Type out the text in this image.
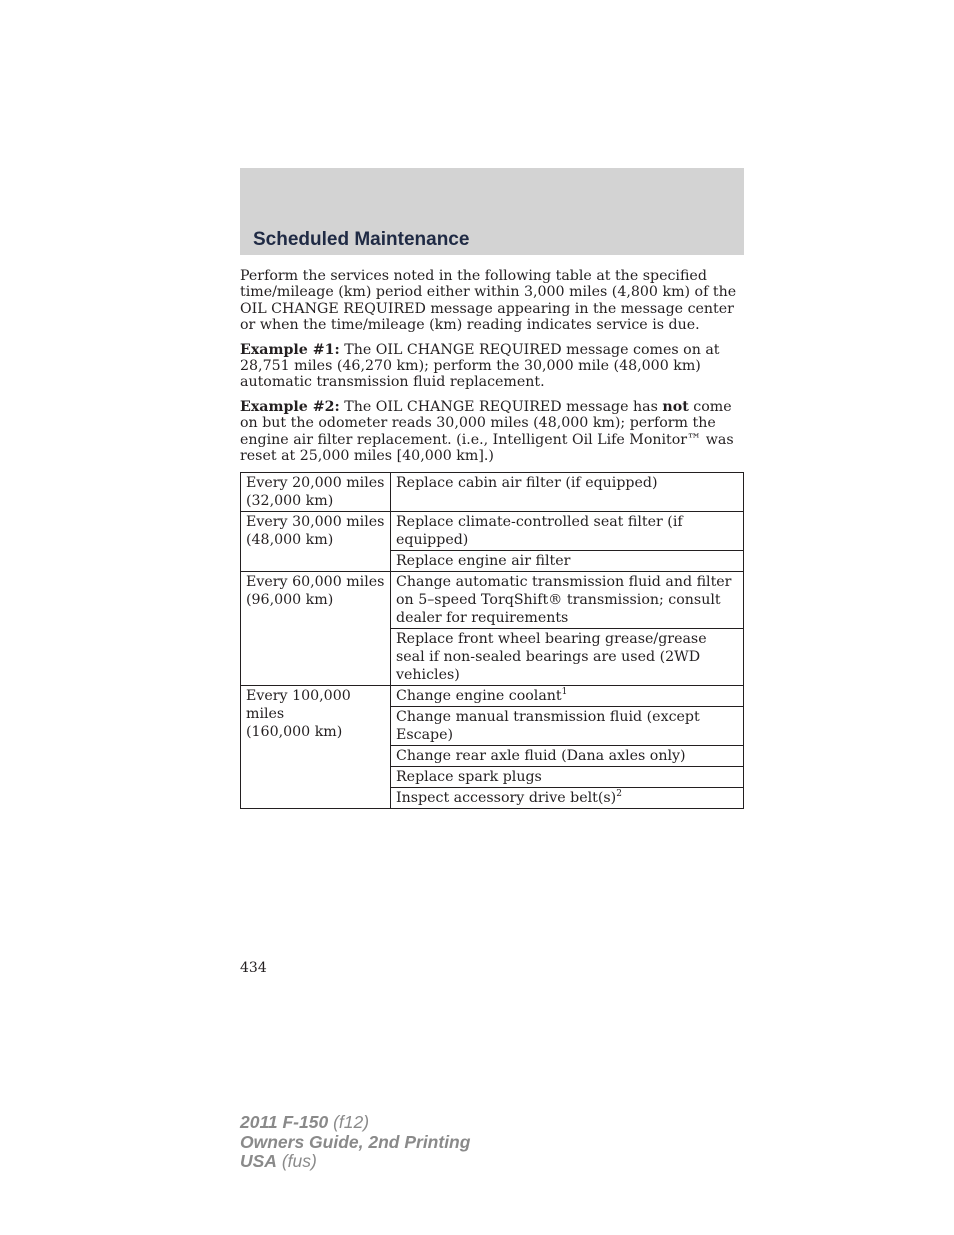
Scheduled Maintenance

Perform the services noted in the following table at the specified time/mileage (km) period either within 3,000 miles (4,800 km) of the OIL CHANGE REQUIRED message appearing in the message center or when the time/mileage (km) reading indicates service is due.

Example #1: The OIL CHANGE REQUIRED message comes on at 28,751 miles (46,270 km); perform the 30,000 mile (48,000 km) automatic transmission fluid replacement.

Example #2: The OIL CHANGE REQUIRED message has not come on but the odometer reads 30,000 miles (48,000 km); perform the engine air filter replacement. (i.e., Intelligent Oil Life Monitor™ was reset at 25,000 miles [40,000 km].)

Every 20,000 miles (32,000 km)	Replace cabin air filter (if equipped)
Every 30,000 miles (48,000 km)	Replace climate-controlled seat filter (if equipped)
	Replace engine air filter
Every 60,000 miles (96,000 km)	Change automatic transmission fluid and filter on 5–speed TorqShift® transmission; consult dealer for requirements
	Replace front wheel bearing grease/grease seal if non-sealed bearings are used (2WD vehicles)
Every 100,000 miles
(160,000 km)	Change engine coolant$^1$
	Change manual transmission fluid (except Escape)
	Change rear axle fluid (Dana axles only)
	Replace spark plugs
	Inspect accessory drive $belt(s)^2$
434
2011 F-150 (f12)
Owners Guide, 2nd Printing
USA (fus)
